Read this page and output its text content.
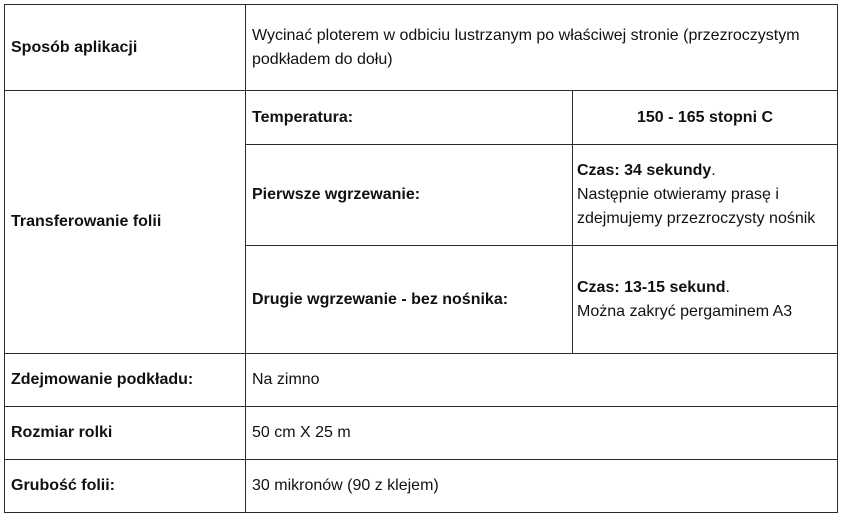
Sposób aplikacji	Wycinać ploterem w odbiciu lustrzanym po właściwej stronie (przezroczystym podkładem do dołu)	
Transferowanie folii	Temperatura:	150 - 165 stopni C
	Pierwsze wgrzewanie:	Czas: 34 sekundy.
Następnie otwieramy prasę i zdejmujemy przezroczysty nośnik
	Drugie wgrzewanie - bez nośnika:	Czas: 13-15 sekund.
Można zakryć pergaminem A3
Zdejmowanie podkładu:	Na zimno	
Rozmiar rolki	50 cm X 25 m	
Grubość folii:	30 mikronów (90 z klejem)	
